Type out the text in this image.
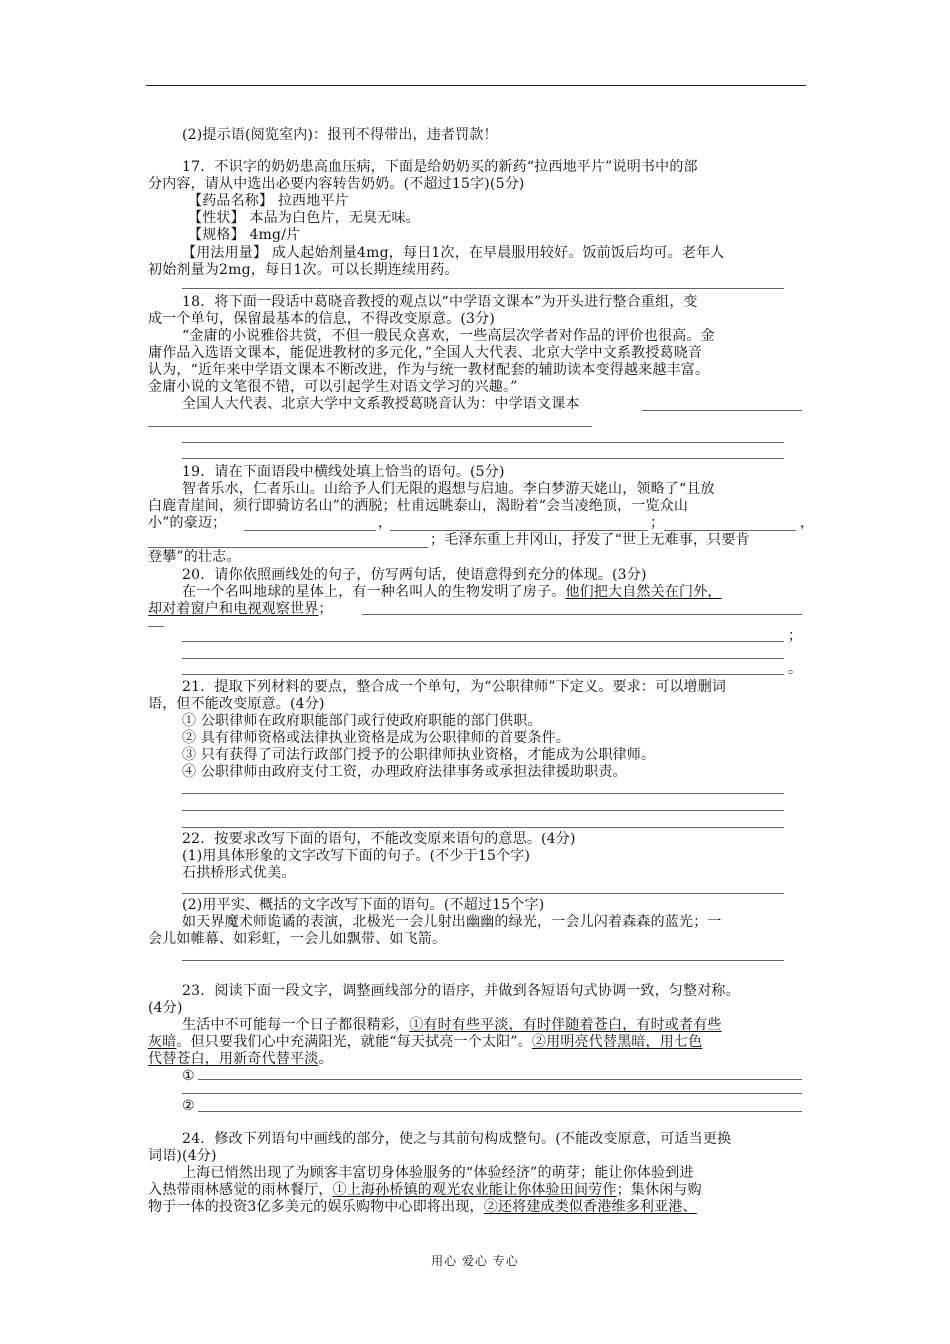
(2)提示语(阅览室内)：报刊不得带出，违者罚款！
17．不识字的奶奶患高血压病，下面是给奶奶买的新药“拉西地平片”说明书中的部
分内容，请从中选出必要内容转告奶奶。(不超过15字)(5分)
【药品名称】 拉西地平片
【性状】 本品为白色片，无臭无味。
【规格】 4mg/片
【用法用量】 成人起始剂量4mg，每日1次，在早晨服用较好。饭前饭后均可。老年人
初始剂量为2mg，每日1次。可以长期连续用药。
18．将下面一段话中葛晓音教授的观点以“中学语文课本”为开头进行整合重组，变
成一个单句，保留最基本的信息，不得改变原意。(3分)
“金庸的小说雅俗共赏，不但一般民众喜欢，一些高层次学者对作品的评价也很高。金
庸作品入选语文课本，能促进教材的多元化，”全国人大代表、北京大学中文系教授葛晓音
认为，“近年来中学语文课本不断改进，作为与统一教材配套的辅助读本变得越来越丰富。
金庸小说的文笔很不错，可以引起学生对语文学习的兴趣。”
全国人大代表、北京大学中文系教授葛晓音认为：中学语文课本
19．请在下面语段中横线处填上恰当的语句。(5分)
智者乐水，仁者乐山。山给予人们无限的遐想与启迪。李白梦游天姥山，领略了“且放
白鹿青崖间，须行即骑访名山”的洒脱；杜甫远眺泰山，渴盼着“会当凌绝顶，一览众山
小”的豪迈；	，	；	，
；毛泽东重上井冈山，抒发了“世上无难事，只要肯
登攀”的壮志。
20．请你依照画线处的句子，仿写两句话，使语意得到充分的体现。(3分)
在一个名叫地球的星体上，有一种名叫人的生物发明了房子。他们把大自然关在门外，
却对着窗户和电视观察世界；
；
。
21．提取下列材料的要点，整合成一个单句，为“公职律师”下定义。要求：可以增删词
语，但不能改变原意。(4分)
① 公职律师在政府职能部门或行使政府职能的部门供职。
② 具有律师资格或法律执业资格是成为公职律师的首要条件。
③ 只有获得了司法行政部门授予的公职律师执业资格，才能成为公职律师。
④ 公职律师由政府支付工资，办理政府法律事务或承担法律援助职责。
22．按要求改写下面的语句，不能改变原来语句的意思。(4分)
(1)用具体形象的文字改写下面的句子。(不少于15个字)
石拱桥形式优美。
(2)用平实、概括的文字改写下面的语句。(不超过15个字)
如天界魔术师诡谲的表演，北极光一会儿射出幽幽的绿光，一会儿闪着森森的蓝光；一
会儿如帷幕、如彩虹，一会儿如飘带、如飞箭。
23．阅读下面一段文字，调整画线部分的语序，并做到各短语句式协调一致，匀整对称。
(4分)
生活中不可能每一个日子都很精彩，①有时有些平淡，有时伴随着苍白，有时或者有些
灰暗。但只要我们心中充满阳光，就能“每天拭亮一个太阳”。②用明亮代替黑暗，用七色
代替苍白，用新奇代替平淡。
①
②
24．修改下列语句中画线的部分，使之与其前句构成整句。(不能改变原意，可适当更换
词语)(4分)
上海已悄然出现了为顾客丰富切身体验服务的“体验经济”的萌芽；能让你体验到进
入热带雨林感觉的雨林餐厅，①上海孙桥镇的观光农业能让你体验田间劳作；集休闲与购
物于一体的投资3亿多美元的娱乐购物中心即将出现，②还将建成类似香港维多利亚港、
用心 爱心 专心
